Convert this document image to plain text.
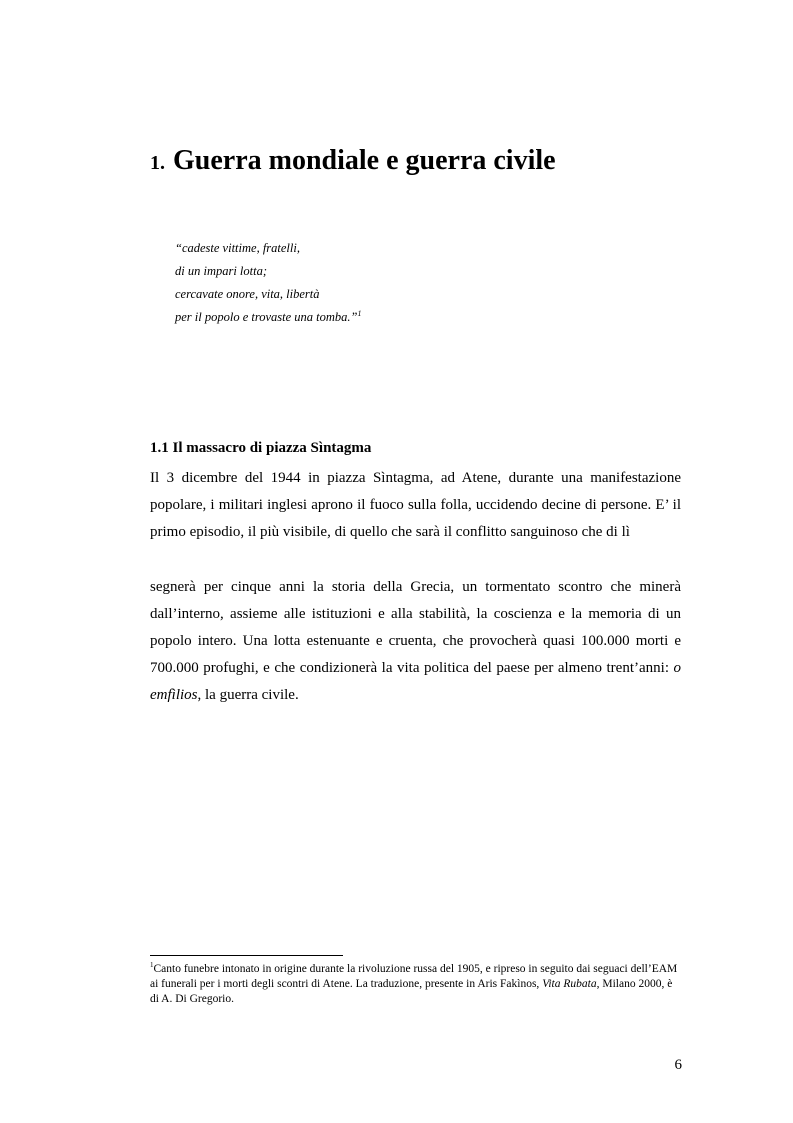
1. Guerra mondiale e guerra civile
“cadeste vittime, fratelli,
di un impari lotta;
cercavate onore, vita, libertà
per il popolo e trovaste una tomba.”$^1$
1.1 Il massacro di piazza Sìntagma

Il 3 dicembre del 1944 in piazza Sìntagma, ad Atene, durante una manifestazione popolare, i militari inglesi aprono il fuoco sulla folla, uccidendo decine di persone. E’ il primo episodio, il più visibile, di quello che sarà il conflitto sanguinoso che di lì

segnerà per cinque anni la storia della Grecia, un tormentato scontro che minerà dall’interno, assieme alle istituzioni e alla stabilità, la coscienza e la memoria di un popolo intero. Una lotta estenuante e cruenta, che provocherà quasi 100.000 morti e 700.000 profughi, e che condizionerà la vita politica del paese per almeno trent’anni: o emfìlios, la guerra civile.

$^1$Canto funebre intonato in origine durante la rivoluzione russa del 1905, e ripreso in seguito dai seguaci dell’EAM ai funerali per i morti degli scontri di Atene. La traduzione, presente in Aris Fakìnos, Vita Rubata, Milano 2000, è di A. Di Gregorio.

6
